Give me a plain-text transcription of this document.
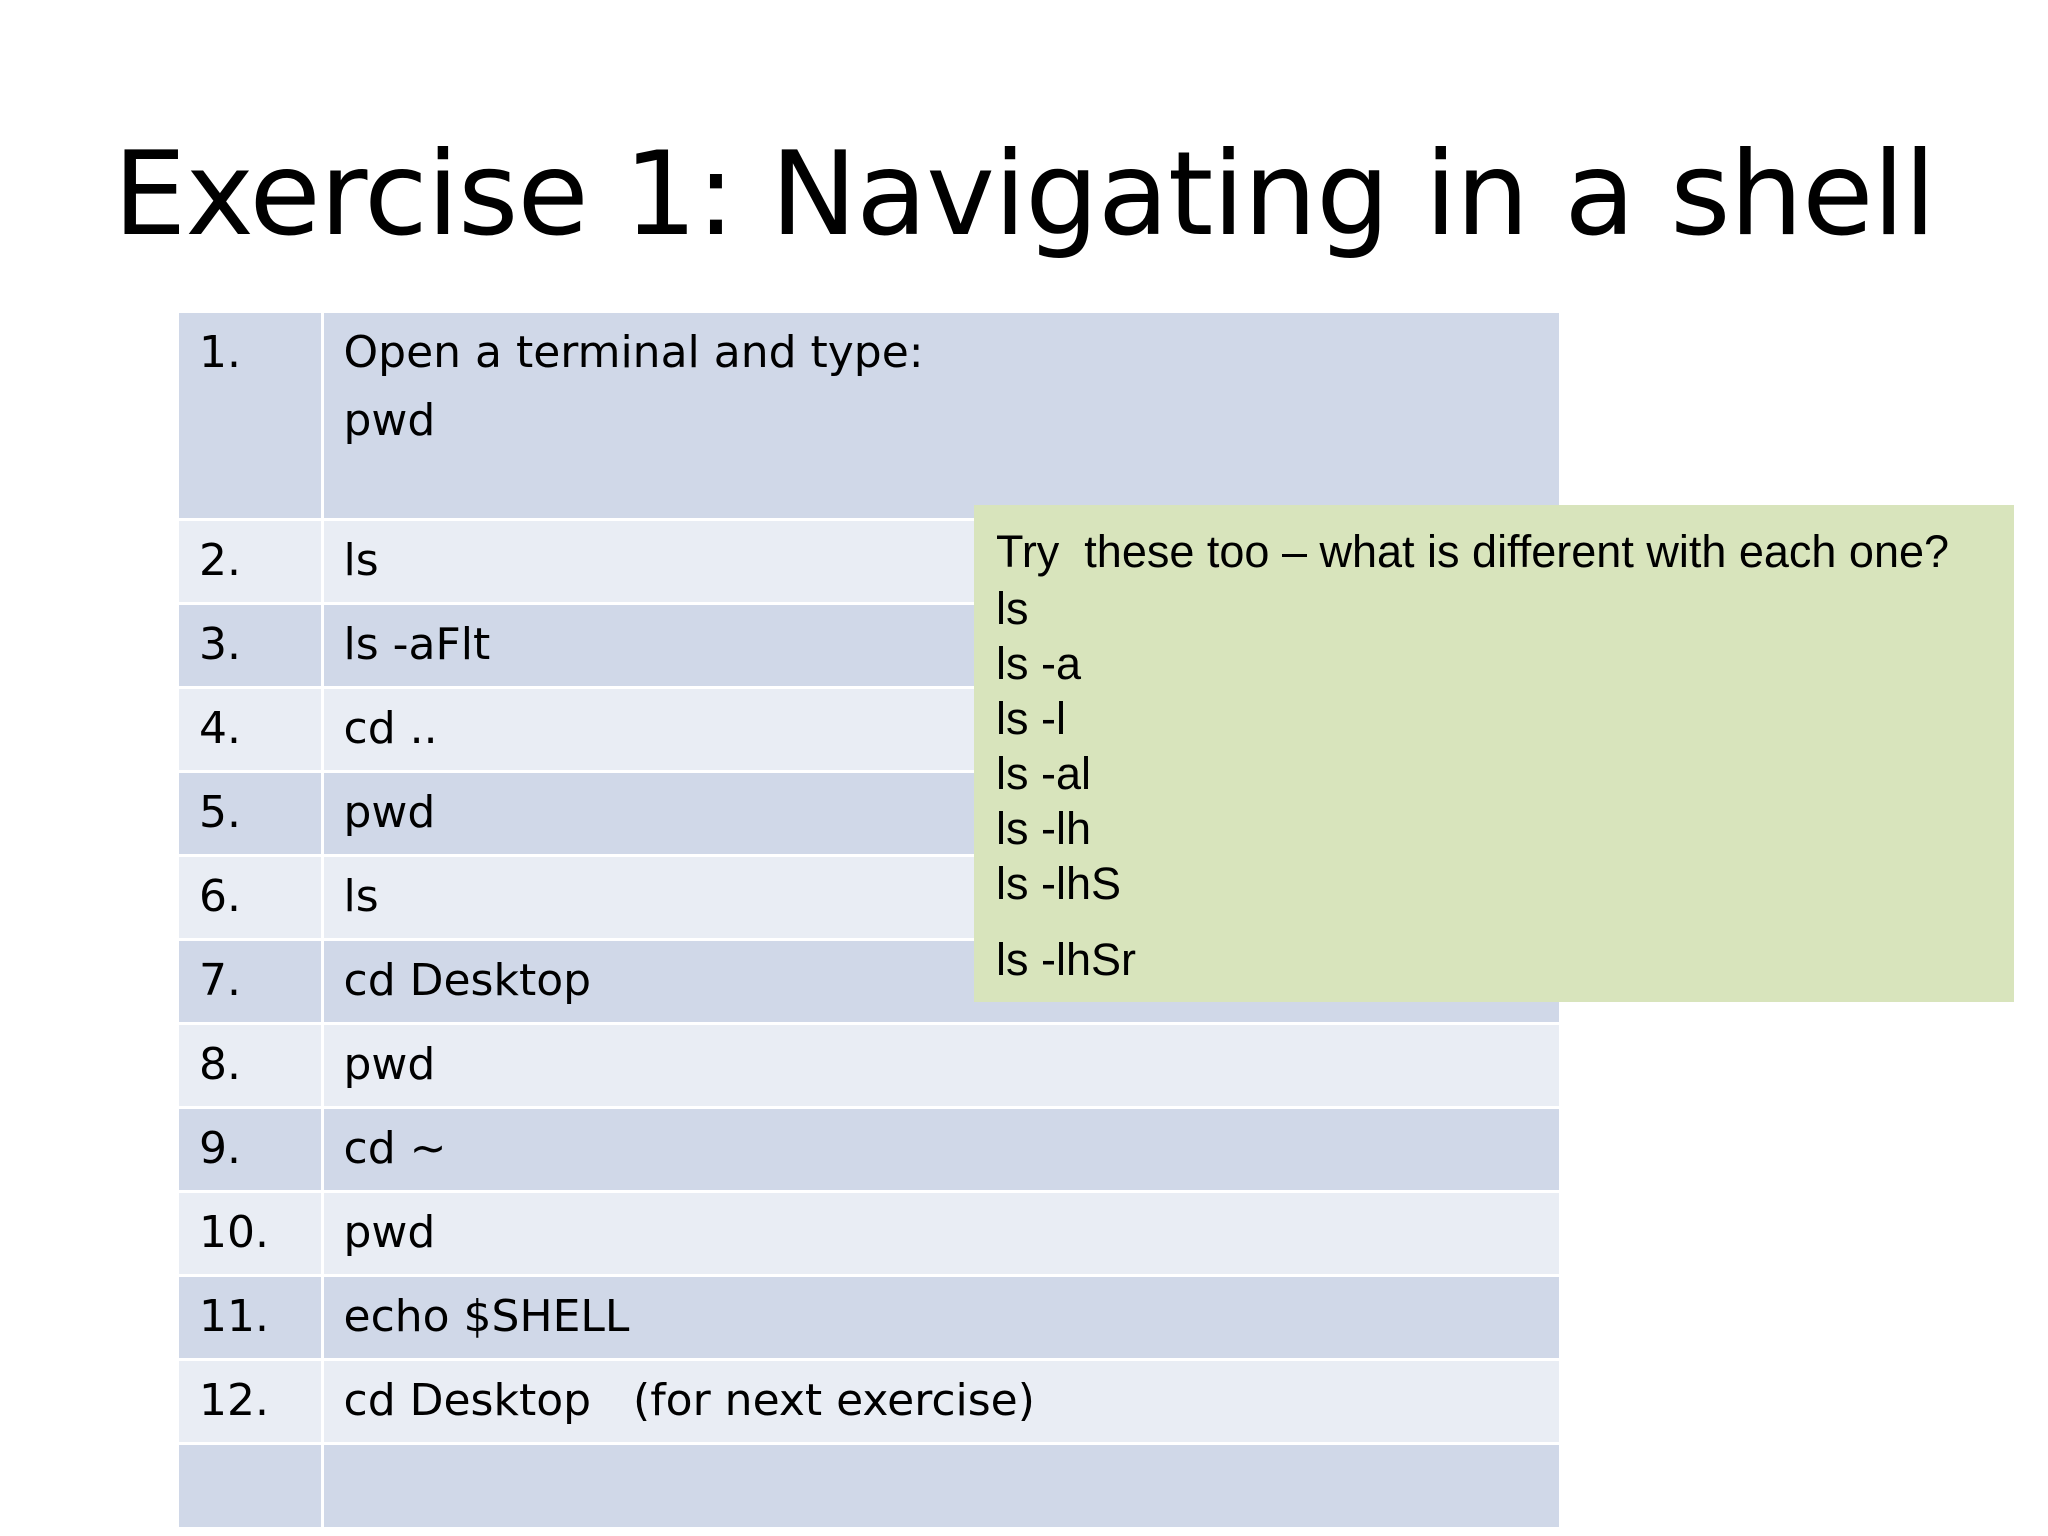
Exercise 1: Navigating in a shell
1.	Open a terminal and type:
pwd

2.	ls
3.	ls -aFlt
4.	cd ..
5.	pwd
6.	ls
7.	cd Desktop
8.	pwd
9.	cd ~
10.	pwd
11.	echo $SHELL
12.	cd Desktop   (for next exercise)

Try  these too – what is different with each one?
ls
ls -a
ls -l
ls -al
ls -lh
ls -lhS
ls -lhSr
